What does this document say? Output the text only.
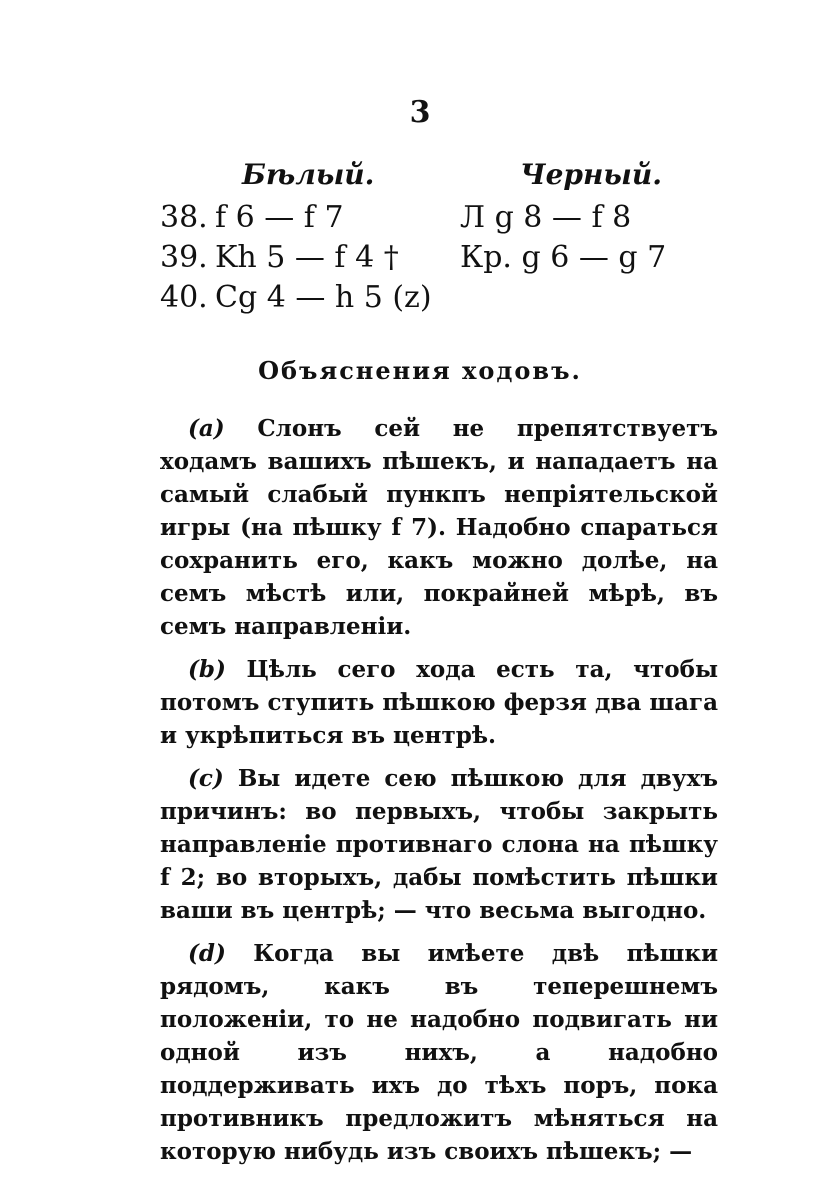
3
Бѣлый.	Черный.
38. f 6 — f 7	Л g 8 — f 8
39. Kh 5 — f 4 † Кр. g 6 — g 7
40. Cg 4 — h 5 (z)
Объяснения ходовъ.

(a) Слонъ сей не препятствуетъ ходамъ вашихъ пѣшекъ, и нападаетъ на самый слабый пункпъ непріятельской игры (на пѣшку f 7). Надобно спараться сохранить его, какъ можно долѣе, на семъ мѣстѣ или, покрайней мѣрѣ, въ семъ направленіи.

(b) Цѣль сего хода есть та, чтобы потомъ ступить пѣшкою ферзя два шага и укрѣпиться въ центрѣ.

(c) Вы идете сею пѣшкою для двухъ причинъ: во первыхъ, чтобы закрыть направленіе противнаго слона на пѣшку f 2; во вторыхъ, дабы помѣстить пѣшки ваши въ центрѣ; — что весьма выгодно.

(d) Когда вы имѣете двѣ пѣшки рядомъ, какъ въ теперешнемъ положеніи, то не надобно подвигать ни одной изъ нихъ, а надобно поддерживать ихъ до тѣхъ поръ, пока противникъ предложитъ мѣняться на которую нибудь изъ своихъ пѣшекъ; —
